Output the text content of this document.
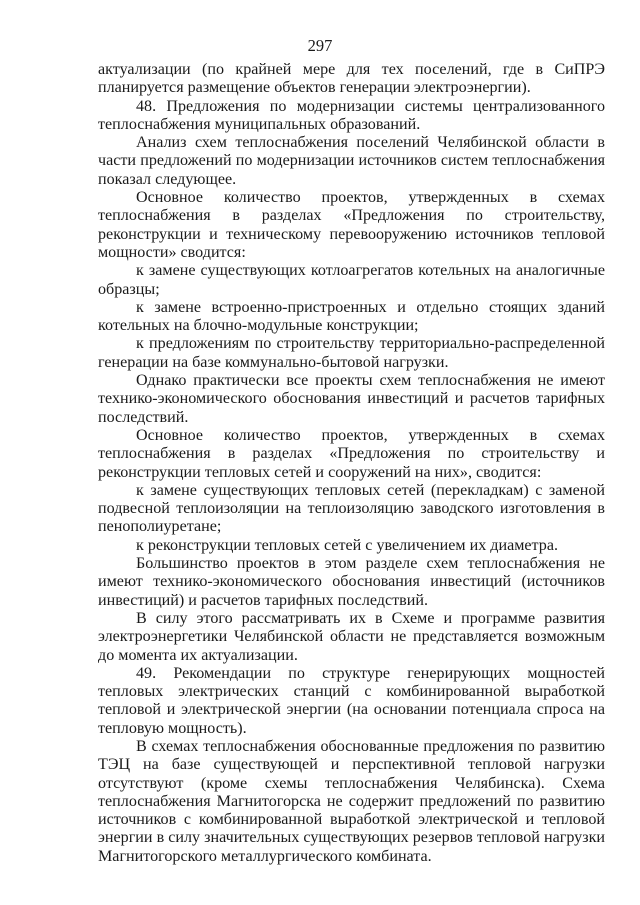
297

актуализации (по крайней мере для тех поселений, где в СиПРЭ планируется размещение объектов генерации электроэнергии).

48. Предложения по модернизации системы централизованного теплоснабжения муниципальных образований.

Анализ схем теплоснабжения поселений Челябинской области в части предложений по модернизации источников систем теплоснабжения показал следующее.

Основное количество проектов, утвержденных в схемах теплоснабжения в разделах «Предложения по строительству, реконструкции и техническому перевооружению источников тепловой мощности» сводится:

к замене существующих котлоагрегатов котельных на аналогичные образцы;

к замене встроенно-пристроенных и отдельно стоящих зданий котельных на блочно-модульные конструкции;

к предложениям по строительству территориально-распределенной генерации на базе коммунально-бытовой нагрузки.

Однако практически все проекты схем теплоснабжения не имеют технико-экономического обоснования инвестиций и расчетов тарифных последствий.

Основное количество проектов, утвержденных в схемах теплоснабжения в разделах «Предложения по строительству и реконструкции тепловых сетей и сооружений на них», сводится:

к замене существующих тепловых сетей (перекладкам) с заменой подвесной теплоизоляции на теплоизоляцию заводского изготовления в пенополиуретане;

к реконструкции тепловых сетей с увеличением их диаметра.

Большинство проектов в этом разделе схем теплоснабжения не имеют технико-экономического обоснования инвестиций (источников инвестиций) и расчетов тарифных последствий.

В силу этого рассматривать их в Схеме и программе развития электроэнергетики Челябинской области не представляется возможным до момента их актуализации.

49. Рекомендации по структуре генерирующих мощностей тепловых электрических станций с комбинированной выработкой тепловой и электрической энергии (на основании потенциала спроса на тепловую мощность).

В схемах теплоснабжения обоснованные предложения по развитию ТЭЦ на базе существующей и перспективной тепловой нагрузки отсутствуют (кроме схемы теплоснабжения Челябинска). Схема теплоснабжения Магнитогорска не содержит предложений по развитию источников с комбинированной выработкой электрической и тепловой энергии в силу значительных существующих резервов тепловой нагрузки Магнитогорского металлургического комбината.
